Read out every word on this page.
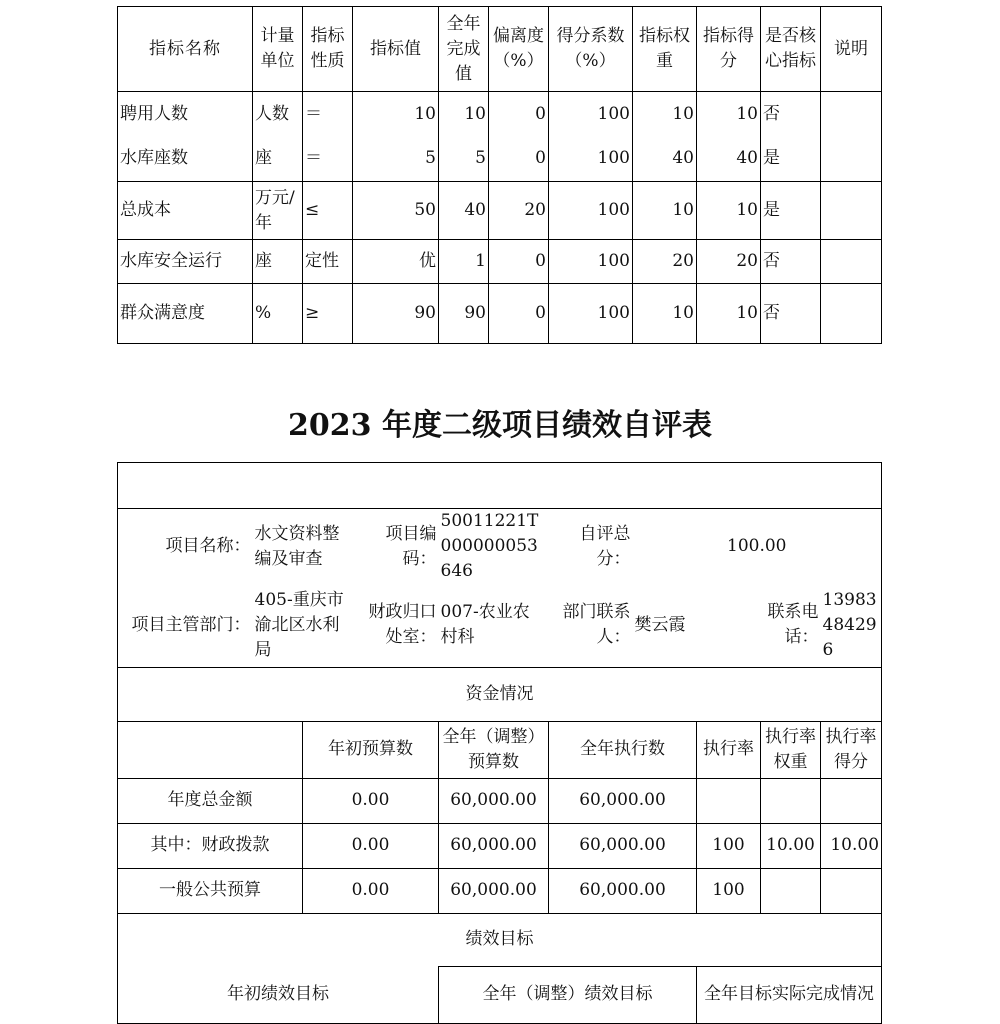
指标名称	计量单位	指标性质	指标值	全年完成值	偏离度（%）	得分系数（%）	指标权重	指标得分	是否核心指标	说明
聘用人数	人数	＝	10	10	0	100	10	10	否	
水库座数	座	＝	5	5	0	100	40	40	是	
总成本	万元/年	≤	50	40	20	100	10	10	是	
水库安全运行	座	定性	优	1	0	100	20	20	否	
群众满意度	%	≥	90	90	0	100	10	10	否	
2023 年度二级项目绩效自评表

项目名称：	水文资料整编及审查		项目编码：	50011221T000000053646	自评总分：	100.00			
项目主管部门：	405-重庆市渝北区水利局		财政归口处室：	007-农业农村科	部门联系人：	樊云霞		联系电话：	13983484296
资金情况									
		年初预算数		全年（调整）预算数	全年执行数		执行率	执行率权重	执行率得分
年度总金额		0.00		60,000.00	60,000.00				
其中：财政拨款		0.00		60,000.00	60,000.00		100	10.00	10.00
一般公共预算		0.00		60,000.00	60,000.00		100		
绩效目标									
年初绩效目标				全年（调整）绩效目标			全年目标实际完成情况		
